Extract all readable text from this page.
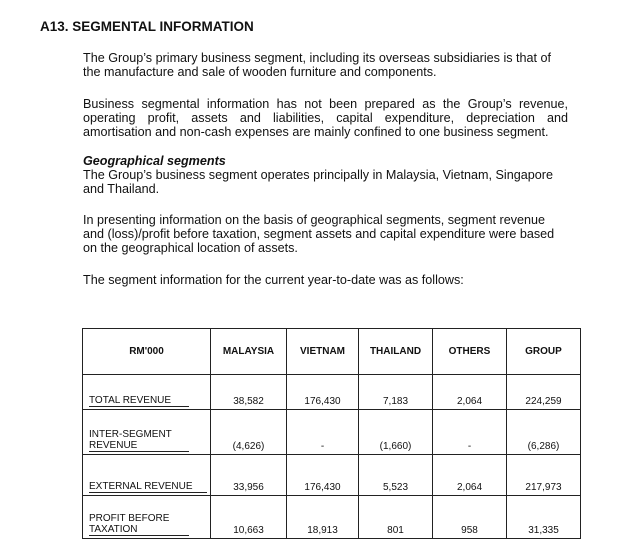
A13. SEGMENTAL INFORMATION
The Group’s primary business segment, including its overseas subsidiaries is that of the manufacture and sale of wooden furniture and components.
Business segmental information has not been prepared as the Group’s revenue, operating profit, assets and liabilities, capital expenditure, depreciation and amortisation and non-cash expenses are mainly confined to one business segment.
Geographical segments
The Group’s business segment operates principally in Malaysia, Vietnam, Singapore and Thailand.
In presenting information on the basis of geographical segments, segment revenue and (loss)/profit before taxation, segment assets and capital expenditure were based on the geographical location of assets.
The segment information for the current year-to-date was as follows:
RM'000	MALAYSIA	VIETNAM	THAILAND	OTHERS	GROUP
TOTAL REVENUE	38,582	176,430	7,183	2,064	224,259
INTER-SEGMENT REVENUE	(4,626)	-	(1,660)	-	(6,286)
EXTERNAL REVENUE	33,956	176,430	5,523	2,064	217,973
PROFIT BEFORE TAXATION	10,663	18,913	801	958	31,335
